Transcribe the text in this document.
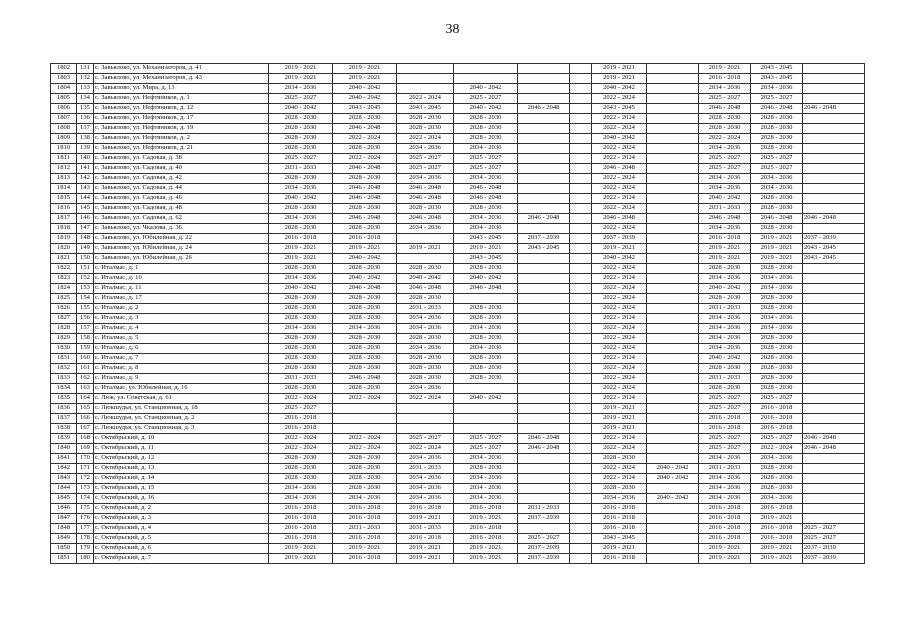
38
1802	131	с. Завьялово, ул. Механизаторов, д. 41	2019 - 2021	2019 - 2021					2019 - 2021		2019 - 2021	2043 - 2045	
1803	132	с. Завьялово, ул. Механизаторов, д. 43	2019 - 2021	2019 - 2021					2019 - 2021		2016 - 2018	2043 - 2045	
1804	133	с. Завьялово, ул. Мира, д. 13	2034 - 2036	2040 - 2042		2040 - 2042			2040 - 2042		2034 - 2036	2034 - 2036	
1805	134	с. Завьялово, ул. Нефтяников, д. 1	2025 - 2027	2040 - 2042	2022 - 2024	2025 - 2027			2022 - 2024		2025 - 2027	2025 - 2027	
1806	135	с. Завьялово, ул. Нефтяников, д. 12	2040 - 2042	2043 - 2045	2043 - 2045	2040 - 2042	2046 - 2048		2043 - 2045		2046 - 2048	2046 - 2048	2046 - 2048
1807	136	с. Завьялово, ул. Нефтяников, д. 17	2028 - 2030	2028 - 2030	2028 - 2030	2028 - 2030			2022 - 2024		2028 - 2030	2028 - 2030	
1808	137	с. Завьялово, ул. Нефтяников, д. 19	2028 - 2030	2046 - 2048	2028 - 2030	2028 - 2030			2022 - 2024		2028 - 2030	2028 - 2030	
1809	138	с. Завьялово, ул. Нефтяников, д. 2	2028 - 2030	2022 - 2024	2022 - 2024	2028 - 2030			2040 - 2042		2022 - 2024	2028 - 2030	
1810	139	с. Завьялово, ул. Нефтяников, д. 21	2028 - 2030	2028 - 2030	2034 - 2036	2034 - 2036			2022 - 2024		2034 - 2036	2028 - 2030	
1811	140	с. Завьялово, ул. Садовая, д. 38	2025 - 2027	2022 - 2024	2025 - 2027	2025 - 2027			2022 - 2024		2025 - 2027	2025 - 2027	
1812	141	с. Завьялово, ул. Садовая, д. 40	2031 - 2033	2046 - 2048	2025 - 2027	2025 - 2027			2046 - 2048		2025 - 2027	2025 - 2027	
1813	142	с. Завьялово, ул. Садовая, д. 42	2028 - 2030	2028 - 2030	2034 - 2036	2034 - 2036			2022 - 2024		2034 - 2036	2034 - 2036	
1814	143	с. Завьялово, ул. Садовая, д. 44	2034 - 2036	2046 - 2048	2046 - 2048	2046 - 2048			2022 - 2024		2034 - 2036	2034 - 2036	
1815	144	с. Завьялово, ул. Садовая, д. 46	2040 - 2042	2046 - 2048	2046 - 2048	2046 - 2048			2022 - 2024		2040 - 2042	2028 - 2030	
1816	145	с. Завьялово, ул. Садовая, д. 48	2028 - 2030	2028 - 2030	2028 - 2030	2028 - 2030			2022 - 2024		2031 - 2033	2028 - 2030	
1817	146	с. Завьялово, ул. Садовая, д. 62	2034 - 2036	2046 - 2048	2046 - 2048	2034 - 2036	2046 - 2048		2046 - 2048		2046 - 2048	2046 - 2048	2046 - 2048
1818	147	с. Завьялово, ул. Чкалова, д. 36	2028 - 2030	2028 - 2030	2034 - 2036	2034 - 2036			2022 - 2024		2034 - 2036	2028 - 2030	
1819	148	с. Завьялово, ул. Юбилейная, д. 22	2016 - 2018	2016 - 2018		2043 - 2045	2037 - 2039		2037 - 2039		2016 - 2018	2019 - 2021	2037 - 2039
1820	149	с. Завьялово, ул. Юбилейная, д. 24	2019 - 2021	2019 - 2021	2019 - 2021	2019 - 2021	2043 - 2045		2019 - 2021		2019 - 2021	2019 - 2021	2043 - 2045
1821	150	с. Завьялово, ул. Юбилейная, д. 26	2019 - 2021	2040 - 2042		2043 - 2045			2040 - 2042		2019 - 2021	2019 - 2021	2043 - 2045
1822	151	с. Италмас, д. 1	2028 - 2030	2028 - 2030	2028 - 2030	2028 - 2030			2022 - 2024		2028 - 2030	2028 - 2030	
1823	152	с. Италмас, д. 10	2034 - 2036	2040 - 2042	2040 - 2042	2040 - 2042			2022 - 2024		2034 - 2036	2034 - 2036	
1824	153	с. Италмас, д. 11	2040 - 2042	2046 - 2048	2046 - 2048	2046 - 2048			2022 - 2024		2040 - 2042	2034 - 2036	
1825	154	с. Италмас, д. 17	2028 - 2030	2028 - 2030	2028 - 2030				2022 - 2024		2028 - 2030	2028 - 2030	
1826	155	с. Италмас, д. 2	2028 - 2030	2028 - 2030	2031 - 2033	2028 - 2030			2022 - 2024		2031 - 2033	2028 - 2030	
1827	156	с. Италмас, д. 3	2028 - 2030	2028 - 2030	2034 - 2036	2028 - 2030			2022 - 2024		2034 - 2036	2034 - 2036	
1828	157	с. Италмас, д. 4	2034 - 2036	2034 - 2036	2034 - 2036	2034 - 2036			2022 - 2024		2034 - 2036	2034 - 2036	
1829	158	с. Италмас, д. 5	2028 - 2030	2028 - 2030	2028 - 2030	2028 - 2030			2022 - 2024		2034 - 2036	2028 - 2030	
1830	159	с. Италмас, д. 6	2028 - 2030	2028 - 2030	2034 - 2036	2034 - 2036			2022 - 2024		2034 - 2036	2028 - 2030	
1831	160	с. Италмас, д. 7	2028 - 2030	2028 - 2030	2028 - 2030	2028 - 2030			2022 - 2024		2040 - 2042	2028 - 2030	
1832	161	с. Италмас, д. 8	2028 - 2030	2028 - 2030	2028 - 2030	2028 - 2030			2022 - 2024		2028 - 2030	2028 - 2030	
1833	162	с. Италмас, д. 9	2031 - 2033	2046 - 2048	2028 - 2030	2028 - 2030			2022 - 2024		2031 - 2033	2028 - 2030	
1834	163	с. Италмас, ул. Юбилейная, д. 16	2028 - 2030	2028 - 2030	2034 - 2036				2022 - 2024		2028 - 2030	2028 - 2030	
1835	164	с. Люк, ул. Советская, д. 61	2022 - 2024	2022 - 2024	2022 - 2024	2040 - 2042			2022 - 2024		2025 - 2027	2025 - 2027	
1836	165	с. Люкшудья, ул. Станционная, д. 18	2025 - 2027						2019 - 2021		2025 - 2027	2016 - 2018	
1837	166	с. Люкшудья, ул. Станционная, д. 2	2016 - 2018						2019 - 2021		2016 - 2018	2016 - 2018	
1838	167	с. Люкшудья, ул. Станционная, д. 3	2016 - 2018						2019 - 2021		2016 - 2018	2016 - 2018	
1839	168	с. Октябрьский, д. 10	2022 - 2024	2022 - 2024	2025 - 2027	2025 - 2027	2046 - 2048		2022 - 2024		2025 - 2027	2025 - 2027	2046 - 2048
1840	169	с. Октябрьский, д. 11	2022 - 2024	2022 - 2024	2022 - 2024	2025 - 2027	2046 - 2048		2022 - 2024		2025 - 2027	2022 - 2024	2046 - 2048
1841	170	с. Октябрьский, д. 12	2028 - 2030	2028 - 2030	2034 - 2036	2034 - 2036			2028 - 2030		2034 - 2036	2034 - 2036	
1842	171	с. Октябрьский, д. 13	2028 - 2030	2028 - 2030	2031 - 2033	2028 - 2030			2022 - 2024	2040 - 2042	2031 - 2033	2028 - 2030	
1843	172	с. Октябрьский, д. 14	2028 - 2030	2028 - 2030	2034 - 2036	2034 - 2036			2022 - 2024	2040 - 2042	2034 - 2036	2028 - 2030	
1844	173	с. Октябрьский, д. 15	2034 - 2036	2028 - 2030	2034 - 2036	2034 - 2036			2028 - 2030		2034 - 2036	2028 - 2030	
1845	174	с. Октябрьский, д. 16	2034 - 2036	2034 - 2036	2034 - 2036	2034 - 2036			2034 - 2036	2040 - 2042	2034 - 2036	2034 - 2036	
1846	175	с. Октябрьский, д. 2	2016 - 2018	2016 - 2018	2016 - 2018	2016 - 2018	2031 - 2033		2016 - 2018		2016 - 2018	2016 - 2018	
1847	176	с. Октябрьский, д. 3	2016 - 2018	2016 - 2018	2019 - 2021	2019 - 2021	2037 - 2039		2016 - 2018		2016 - 2018	2019 - 2021	
1848	177	с. Октябрьский, д. 4	2016 - 2018	2031 - 2033	2031 - 2033	2016 - 2018			2016 - 2018		2016 - 2018	2016 - 2018	2025 - 2027
1849	178	с. Октябрьский, д. 5	2016 - 2018	2016 - 2018	2016 - 2018	2016 - 2018	2025 - 2027		2043 - 2045		2016 - 2018	2016 - 2018	2025 - 2027
1850	179	с. Октябрьский, д. 6	2019 - 2021	2019 - 2021	2019 - 2021	2019 - 2021	2037 - 2039		2019 - 2021		2019 - 2021	2019 - 2021	2037 - 2039
1851	180	с. Октябрьский, д. 7	2019 - 2021	2016 - 2018	2019 - 2021	2019 - 2021	2037 - 2039		2016 - 2018		2019 - 2021	2019 - 2021	2037 - 2039
